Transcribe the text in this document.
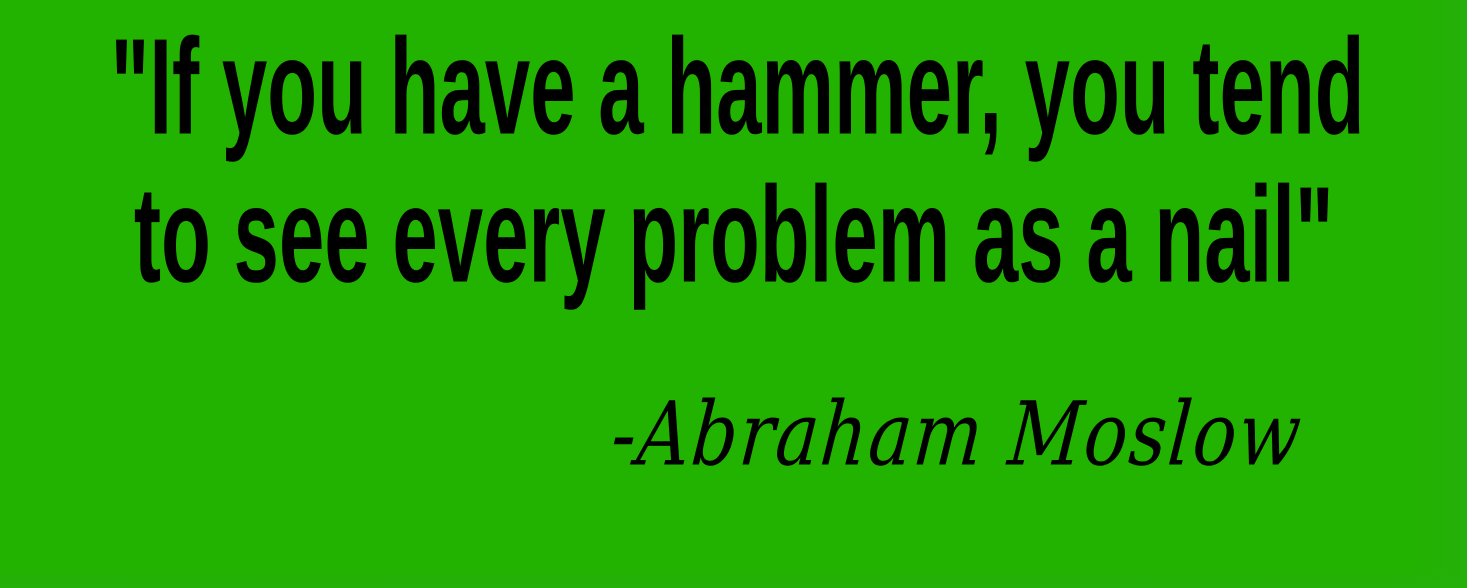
"If you have a hammer, you tend
to see every problem as a nail"
-Abraham Moslow
